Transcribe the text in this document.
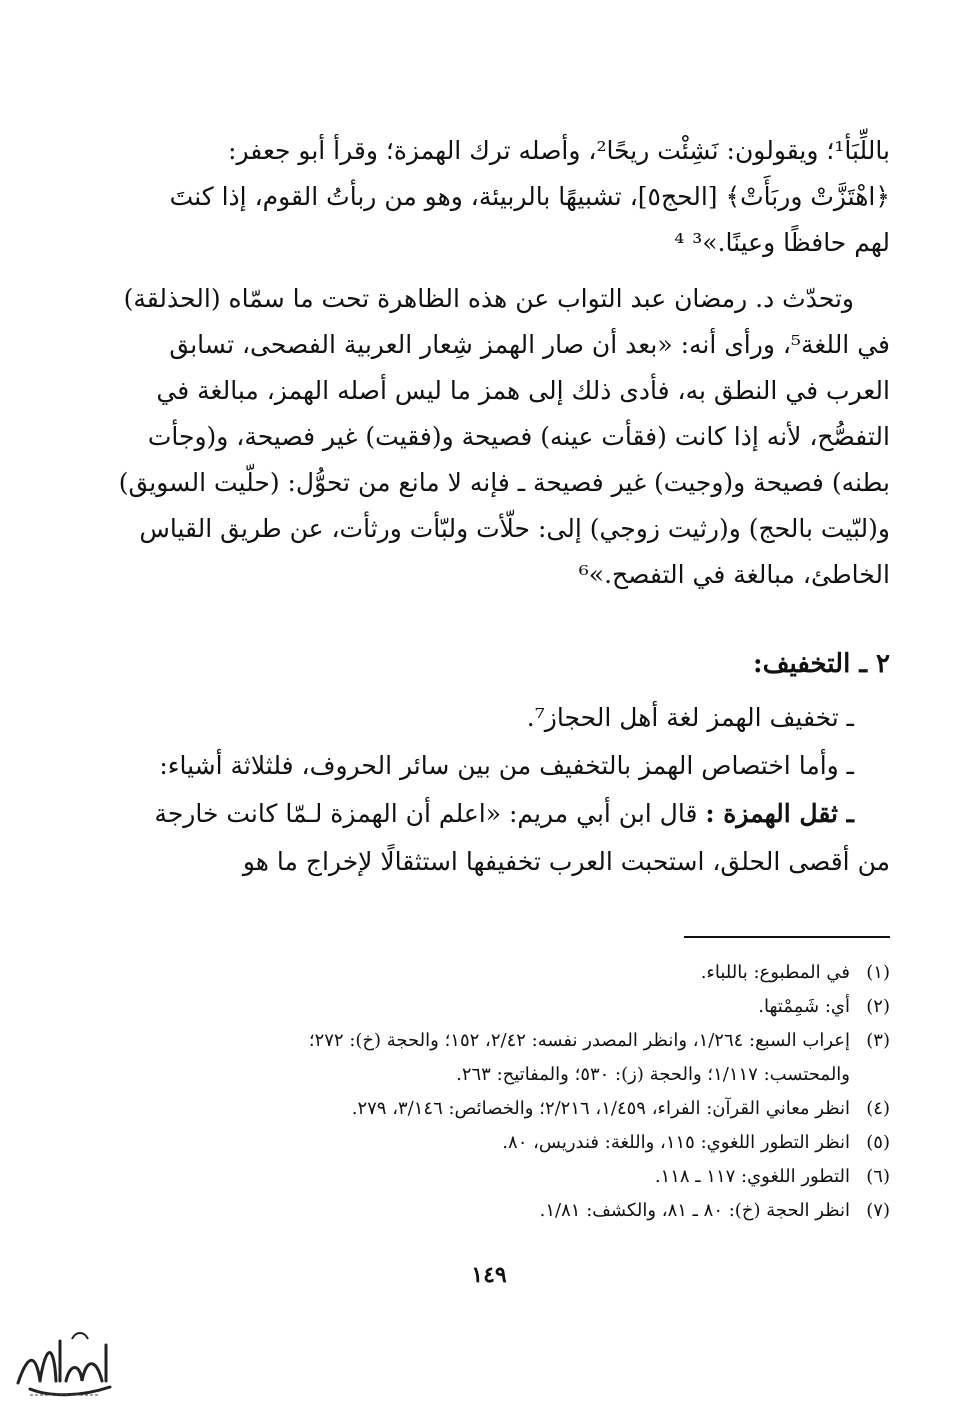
باللِّبَأ¹؛ ويقولون: نَشِئْت ريحًا²، وأصله ترك الهمزة؛ وقرأ أبو جعفر:
﴿اهْتَزَّتْ وربَأَتْ﴾ [الحج٥]، تشبيهًا بالربيئة، وهو من ربأتُ القوم، إذا كنتَ
لهم حافظًا وعينًا.»³ ⁴

وتحدّث د. رمضان عبد التواب عن هذه الظاهرة تحت ما سمّاه (الحذلقة)
في اللغة⁵، ورأى أنه: «بعد أن صار الهمز شِعار العربية الفصحى، تسابق
العرب في النطق به، فأدى ذلك إلى همز ما ليس أصله الهمز، مبالغة في
التفصُّح، لأنه إذا كانت (فقأت عينه) فصيحة و(فقيت) غير فصيحة، و(وجأت
بطنه) فصيحة و(وجيت) غير فصيحة ـ فإنه لا مانع من تحوُّل: (حلّيت السويق)
و(لبّيت بالحج) و(رثيت زوجي) إلى: حلّأت ولبّأت ورثأت، عن طريق القياس
الخاطئ، مبالغة في التفصح.»⁶

٢ ـ التخفيف:

ـ تخفيف الهمز لغة أهل الحجاز⁷.

ـ وأما اختصاص الهمز بالتخفيف من بين سائر الحروف، فلثلاثة أشياء:

ـ ثقل الهمزة : قال ابن أبي مريم: «اعلم أن الهمزة لـمّا كانت خارجة

من أقصى الحلق، استحبت العرب تخفيفها استثقالًا لإخراج ما هو

(١)في المطبوع: باللباء.

(٢)أي: شَمِمْتها.

(٣)إعراب السبع: ١/٢٦٤، وانظر المصدر نفسه: ٢/٤٢، ١٥٢؛ والحجة (خ): ٢٧٢؛

والمحتسب: ١/١١٧؛ والحجة (ز): ٥٣٠؛ والمفاتيح: ٢٦٣.

(٤)انظر معاني القرآن: الفراء، ١/٤٥٩، ٢/٢١٦؛ والخصائص: ٣/١٤٦، ٢٧٩.

(٥)انظر التطور اللغوي: ١١٥، واللغة: فندريس، ٨٠.

(٦)التطور اللغوي: ١١٧ ـ ١١٨.

(٧)انظر الحجة (خ): ٨٠ ـ ٨١، والكشف: ١/٨١.

١٤٩
